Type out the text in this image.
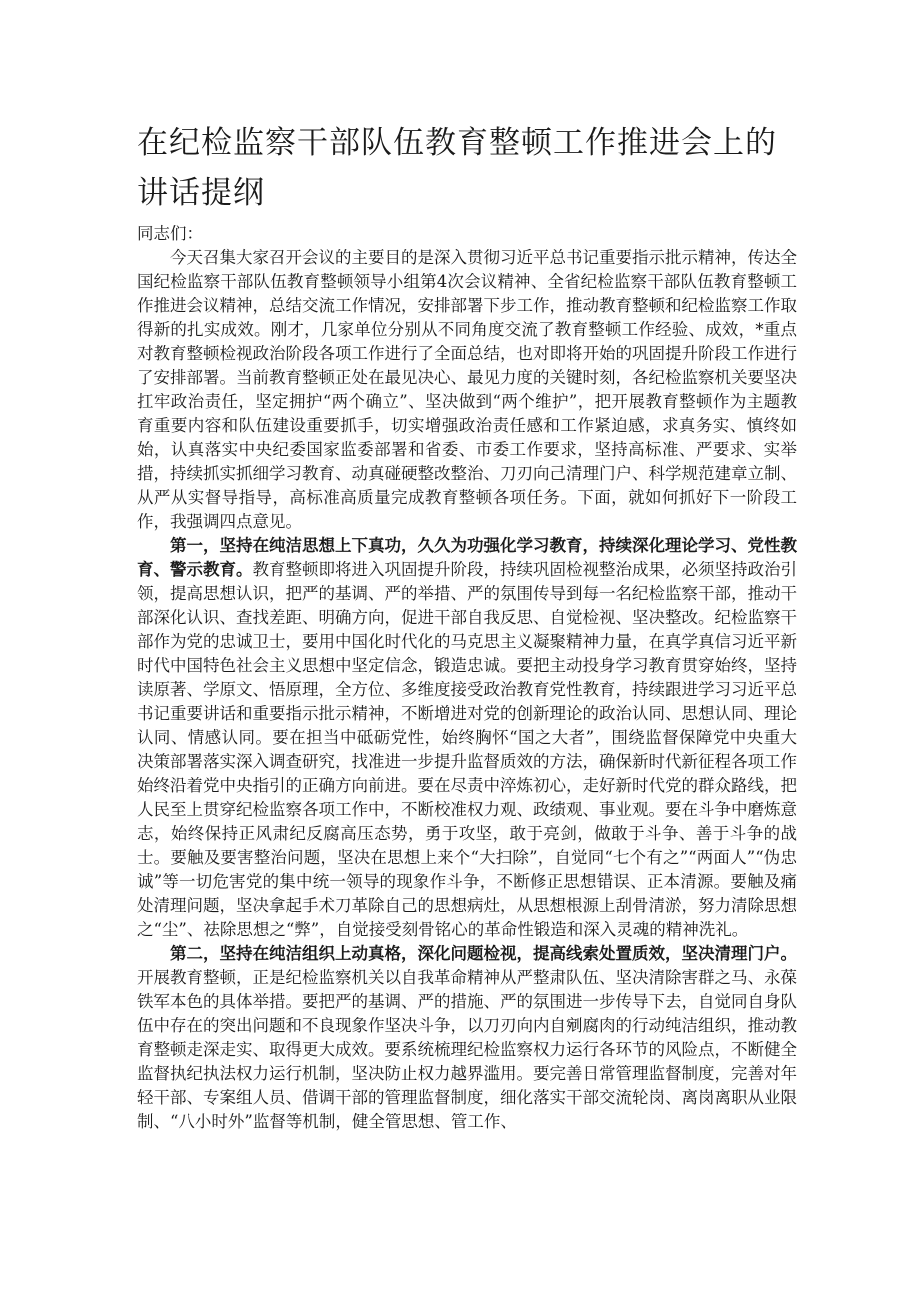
在纪检监察干部队伍教育整顿工作推进会上的讲话提纲

同志们：

今天召集大家召开会议的主要目的是深入贯彻习近平总书记重要指示批示精神，传达全国纪检监察干部队伍教育整顿领导小组第4次会议精神、全省纪检监察干部队伍教育整顿工作推进会议精神，总结交流工作情况，安排部署下步工作，推动教育整顿和纪检监察工作取得新的扎实成效。刚才，几家单位分别从不同角度交流了教育整顿工作经验、成效，*重点对教育整顿检视政治阶段各项工作进行了全面总结，也对即将开始的巩固提升阶段工作进行了安排部署。当前教育整顿正处在最见决心、最见力度的关键时刻，各纪检监察机关要坚决扛牢政治责任，坚定拥护“两个确立”、坚决做到“两个维护”，把开展教育整顿作为主题教育重要内容和队伍建设重要抓手，切实增强政治责任感和工作紧迫感，求真务实、慎终如始，认真落实中央纪委国家监委部署和省委、市委工作要求，坚持高标准、严要求、实举措，持续抓实抓细学习教育、动真碰硬整改整治、刀刃向己清理门户、科学规范建章立制、从严从实督导指导，高标准高质量完成教育整顿各项任务。下面，就如何抓好下一阶段工作，我强调四点意见。

第一，坚持在纯洁思想上下真功，久久为功强化学习教育，持续深化理论学习、党性教育、警示教育。教育整顿即将进入巩固提升阶段，持续巩固检视整治成果，必须坚持政治引领，提高思想认识，把严的基调、严的举措、严的氛围传导到每一名纪检监察干部，推动干部深化认识、查找差距、明确方向，促进干部自我反思、自觉检视、坚决整改。纪检监察干部作为党的忠诚卫士，要用中国化时代化的马克思主义凝聚精神力量，在真学真信习近平新时代中国特色社会主义思想中坚定信念，锻造忠诚。要把主动投身学习教育贯穿始终，坚持读原著、学原文、悟原理，全方位、多维度接受政治教育党性教育，持续跟进学习习近平总书记重要讲话和重要指示批示精神，不断增进对党的创新理论的政治认同、思想认同、理论认同、情感认同。要在担当中砥砺党性，始终胸怀“国之大者”，围绕监督保障党中央重大决策部署落实深入调查研究，找准进一步提升监督质效的方法，确保新时代新征程各项工作始终沿着党中央指引的正确方向前进。要在尽责中淬炼初心，走好新时代党的群众路线，把人民至上贯穿纪检监察各项工作中，不断校准权力观、政绩观、事业观。要在斗争中磨炼意志，始终保持正风肃纪反腐高压态势，勇于攻坚，敢于亮剑，做敢于斗争、善于斗争的战士。要触及要害整治问题，坚决在思想上来个“大扫除”，自觉同“七个有之”“两面人”“伪忠诚”等一切危害党的集中统一领导的现象作斗争，不断修正思想错误、正本清源。要触及痛处清理问题，坚决拿起手术刀革除自己的思想病灶，从思想根源上刮骨清淤，努力清除思想之“尘”、祛除思想之“弊”，自觉接受刻骨铭心的革命性锻造和深入灵魂的精神洗礼。

第二，坚持在纯洁组织上动真格，深化问题检视，提高线索处置质效，坚决清理门户。开展教育整顿，正是纪检监察机关以自我革命精神从严整肃队伍、坚决清除害群之马、永葆铁军本色的具体举措。要把严的基调、严的措施、严的氛围进一步传导下去，自觉同自身队伍中存在的突出问题和不良现象作坚决斗争，以刀刃向内自剜腐肉的行动纯洁组织，推动教育整顿走深走实、取得更大成效。要系统梳理纪检监察权力运行各环节的风险点，不断健全监督执纪执法权力运行机制，坚决防止权力越界滥用。要完善日常管理监督制度，完善对年轻干部、专案组人员、借调干部的管理监督制度，细化落实干部交流轮岗、离岗离职从业限制、“八小时外”监督等机制，健全管思想、管工作、
